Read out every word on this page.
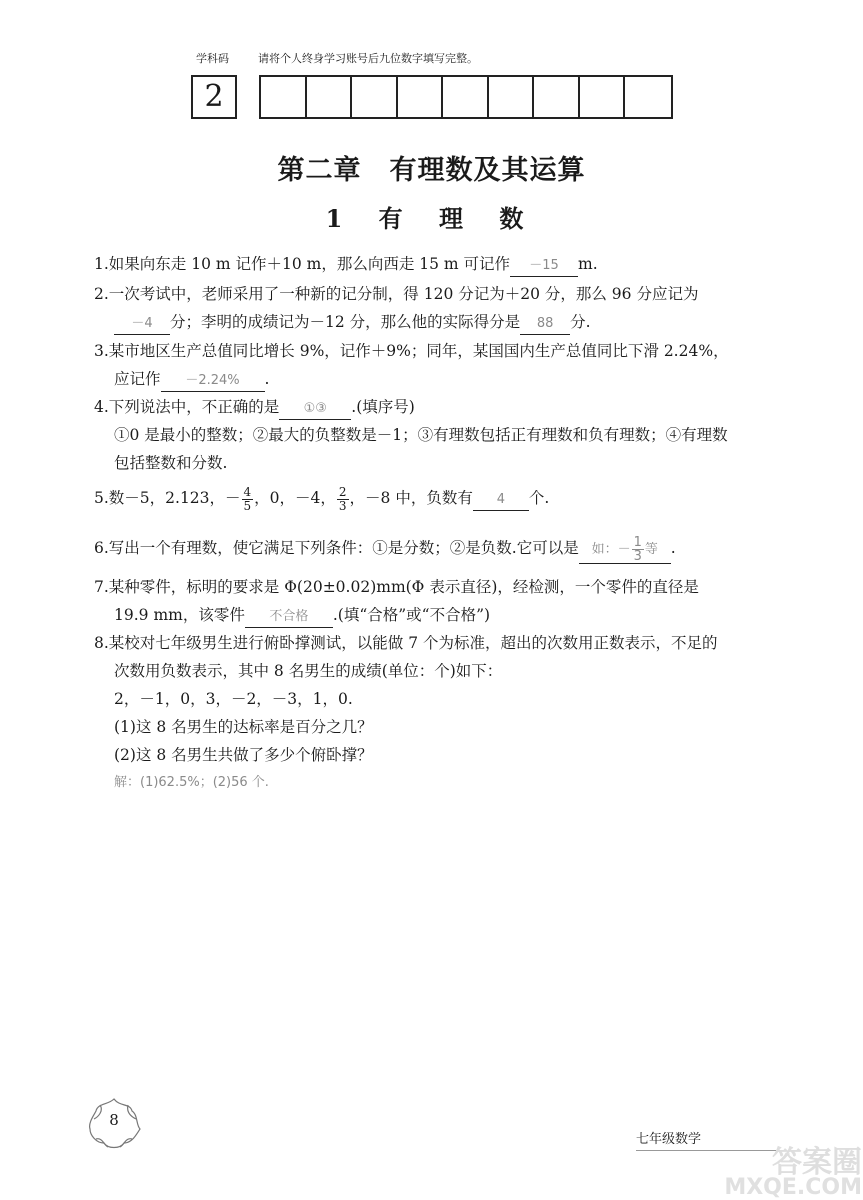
学科码	请将个人终身学习账号后九位数字填写完整。
2
第二章　有理数及其运算
1 有 理 数
1.如果向东走 10 m 记作＋10 m，那么向西走 15 m 可记作 －15 m.
2.一次考试中，老师采用了一种新的记分制，得 120 分记为＋20 分，那么 96 分应记为
－4 分；李明的成绩记为－12 分，那么他的实际得分是 88 分.
3.某市地区生产总值同比增长 9%，记作＋9%；同年，某国国内生产总值同比下滑 2.24%，
应记作 －2.24% .
4.下列说法中，不正确的是 ①③ .(填序号)
①0 是最小的整数；②最大的负整数是－1；③有理数包括正有理数和负有理数；④有理数
包括整数和分数.
5.数－5，2.123，－ $\frac{4}{5}$ ，0，－4， $\frac{2}{3}$ ，－8 中，负数有 4 个.
6.写出一个有理数，使它满足下列条件：①是分数；②是负数.它可以是 如：－ $\frac{1}{3}$ 等 .
7.某种零件，标明的要求是 Φ(20±0.02)mm(Φ 表示直径)，经检测，一个零件的直径是
19.9 mm，该零件 不合格 .(填“合格”或“不合格”)
8.某校对七年级男生进行俯卧撑测试，以能做 7 个为标准，超出的次数用正数表示，不足的
次数用负数表示，其中 8 名男生的成绩(单位：个)如下：
2，－1，0，3，－2，－3，1，0.
(1)这 8 名男生的达标率是百分之几？
(2)这 8 名男生共做了多少个俯卧撑？
解：(1)62.5%；(2)56 个.
8
七年级数学
答案圈
MXQE.COM
